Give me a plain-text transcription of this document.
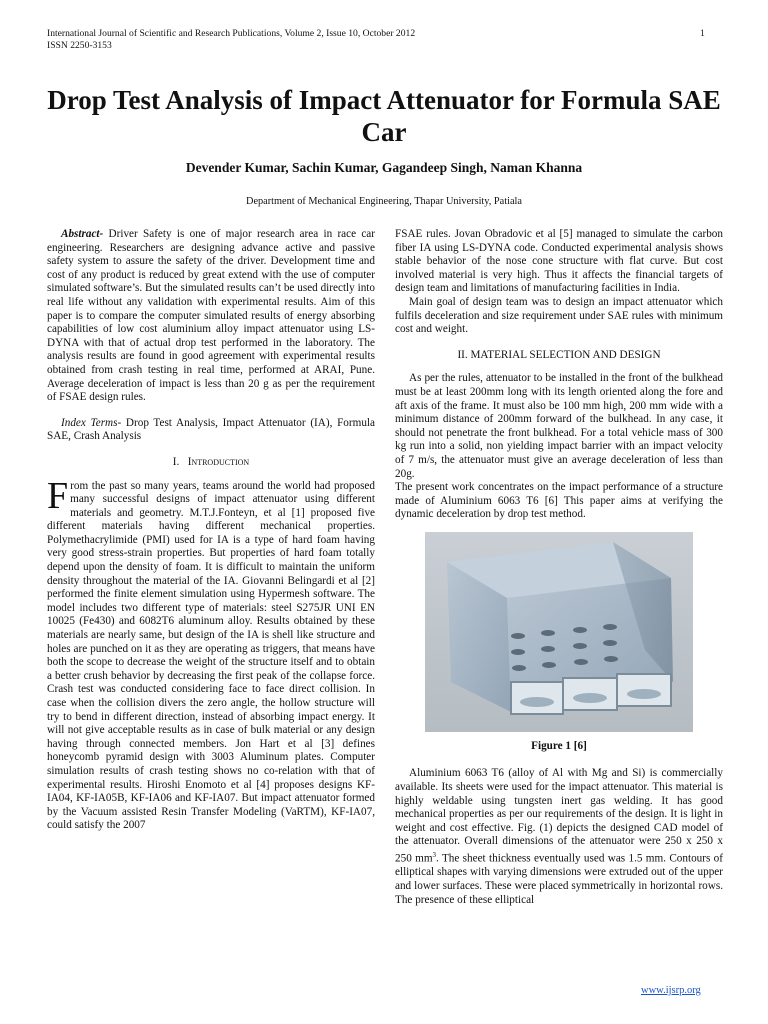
International Journal of Scientific and Research Publications, Volume 2, Issue 10, October 2012
ISSN 2250-3153
1
Drop Test Analysis of Impact Attenuator for Formula SAE Car
Devender Kumar, Sachin Kumar, Gagandeep Singh, Naman Khanna
Department of Mechanical Engineering, Thapar University, Patiala

Abstract- Driver Safety is one of major research area in race car engineering. Researchers are designing advance active and passive safety system to assure the safety of the driver. Development time and cost of any product is reduced by great extend with the use of computer simulated software’s. But the simulated results can’t be used directly into real life without any validation with experimental results. Aim of this paper is to compare the computer simulated results of energy absorbing capabilities of low cost aluminium alloy impact attenuator using LS-DYNA with that of actual drop test performed in the laboratory. The analysis results are found in good agreement with experimental results obtained from crash testing in real time, performed at ARAI, Pune. Average deceleration of impact is less than 20 g as per the requirement of FSAE design rules.

Index Terms- Drop Test Analysis, Impact Attenuator (IA), Formula SAE, Crash Analysis

I. Introduction

From the past so many years, teams around the world had proposed many successful designs of impact attenuator using different materials and geometry. M.T.J.Fonteyn, et al [1] proposed five different materials having different mechanical properties. Polymethacrylimide (PMI) used for IA is a type of hard foam having very good stress-strain properties. But properties of hard foam totally depend upon the density of foam. It is difficult to maintain the uniform density throughout the material of the IA. Giovanni Belingardi et al [2] performed the finite element simulation using Hypermesh software. The model includes two different type of materials: steel S275JR UNI EN 10025 (Fe430) and 6082T6 aluminum alloy. Results obtained by these materials are nearly same, but design of the IA is shell like structure and holes are punched on it as they are operating as triggers, that means have both the scope to decrease the weight of the structure itself and to obtain a better crush behavior by decreasing the first peak of the collapse force. Crash test was conducted considering face to face direct collision. In case when the collision divers the zero angle, the hollow structure will try to bend in different direction, instead of absorbing impact energy. It will not give acceptable results as in case of bulk material or any design having through connected members. Jon Hart et al [3] defines honeycomb pyramid design with 3003 Aluminum plates. Computer simulation results of crash testing shows no co-relation with that of experimental results. Hiroshi Enomoto et al [4] proposes designs KF-IA04, KF-IA05B, KF-IA06 and KF-IA07. But impact attenuator formed by the Vacuum assisted Resin Transfer Modeling (VaRTM), KF-IA07, could satisfy the 2007

FSAE rules. Jovan Obradovic et al [5] managed to simulate the carbon fiber IA using LS-DYNA code. Conducted experimental analysis shows stable behavior of the nose cone structure with flat curve. But cost involved material is very high. Thus it affects the financial targets of design team and limitations of manufacturing facilities in India.

Main goal of design team was to design an impact attenuator which fulfils deceleration and size requirement under SAE rules with minimum cost and weight.

II. MATERIAL SELECTION AND DESIGN

As per the rules, attenuator to be installed in the front of the bulkhead must be at least 200mm long with its length oriented along the fore and aft axis of the frame. It must also be 100 mm high, 200 mm wide with a minimum distance of 200mm forward of the bulkhead. In any case, it should not penetrate the front bulkhead. For a total vehicle mass of 300 kg run into a solid, non yielding impact barrier with an impact velocity of 7 m/s, the attenuator must give an average deceleration of less than 20g.

The present work concentrates on the impact performance of a structure made of Aluminium 6063 T6 [6] This paper aims at verifying the dynamic deceleration by drop test method.

Figure 1 [6]

Aluminium 6063 T6 (alloy of Al with Mg and Si) is commercially available. Its sheets were used for the impact attenuator. This material is highly weldable using tungsten inert gas welding. It has good mechanical properties as per our requirements of the design. It is light in weight and cost effective. Fig. (1) depicts the designed CAD model of the attenuator. Overall dimensions of the attenuator were 250 x 250 x 250 $mm^3$. The sheet thickness eventually used was 1.5 mm. Contours of elliptical shapes with varying dimensions were extruded out of the upper and lower surfaces. These were placed symmetrically in horizontal rows. The presence of these elliptical

www.ijsrp.org
